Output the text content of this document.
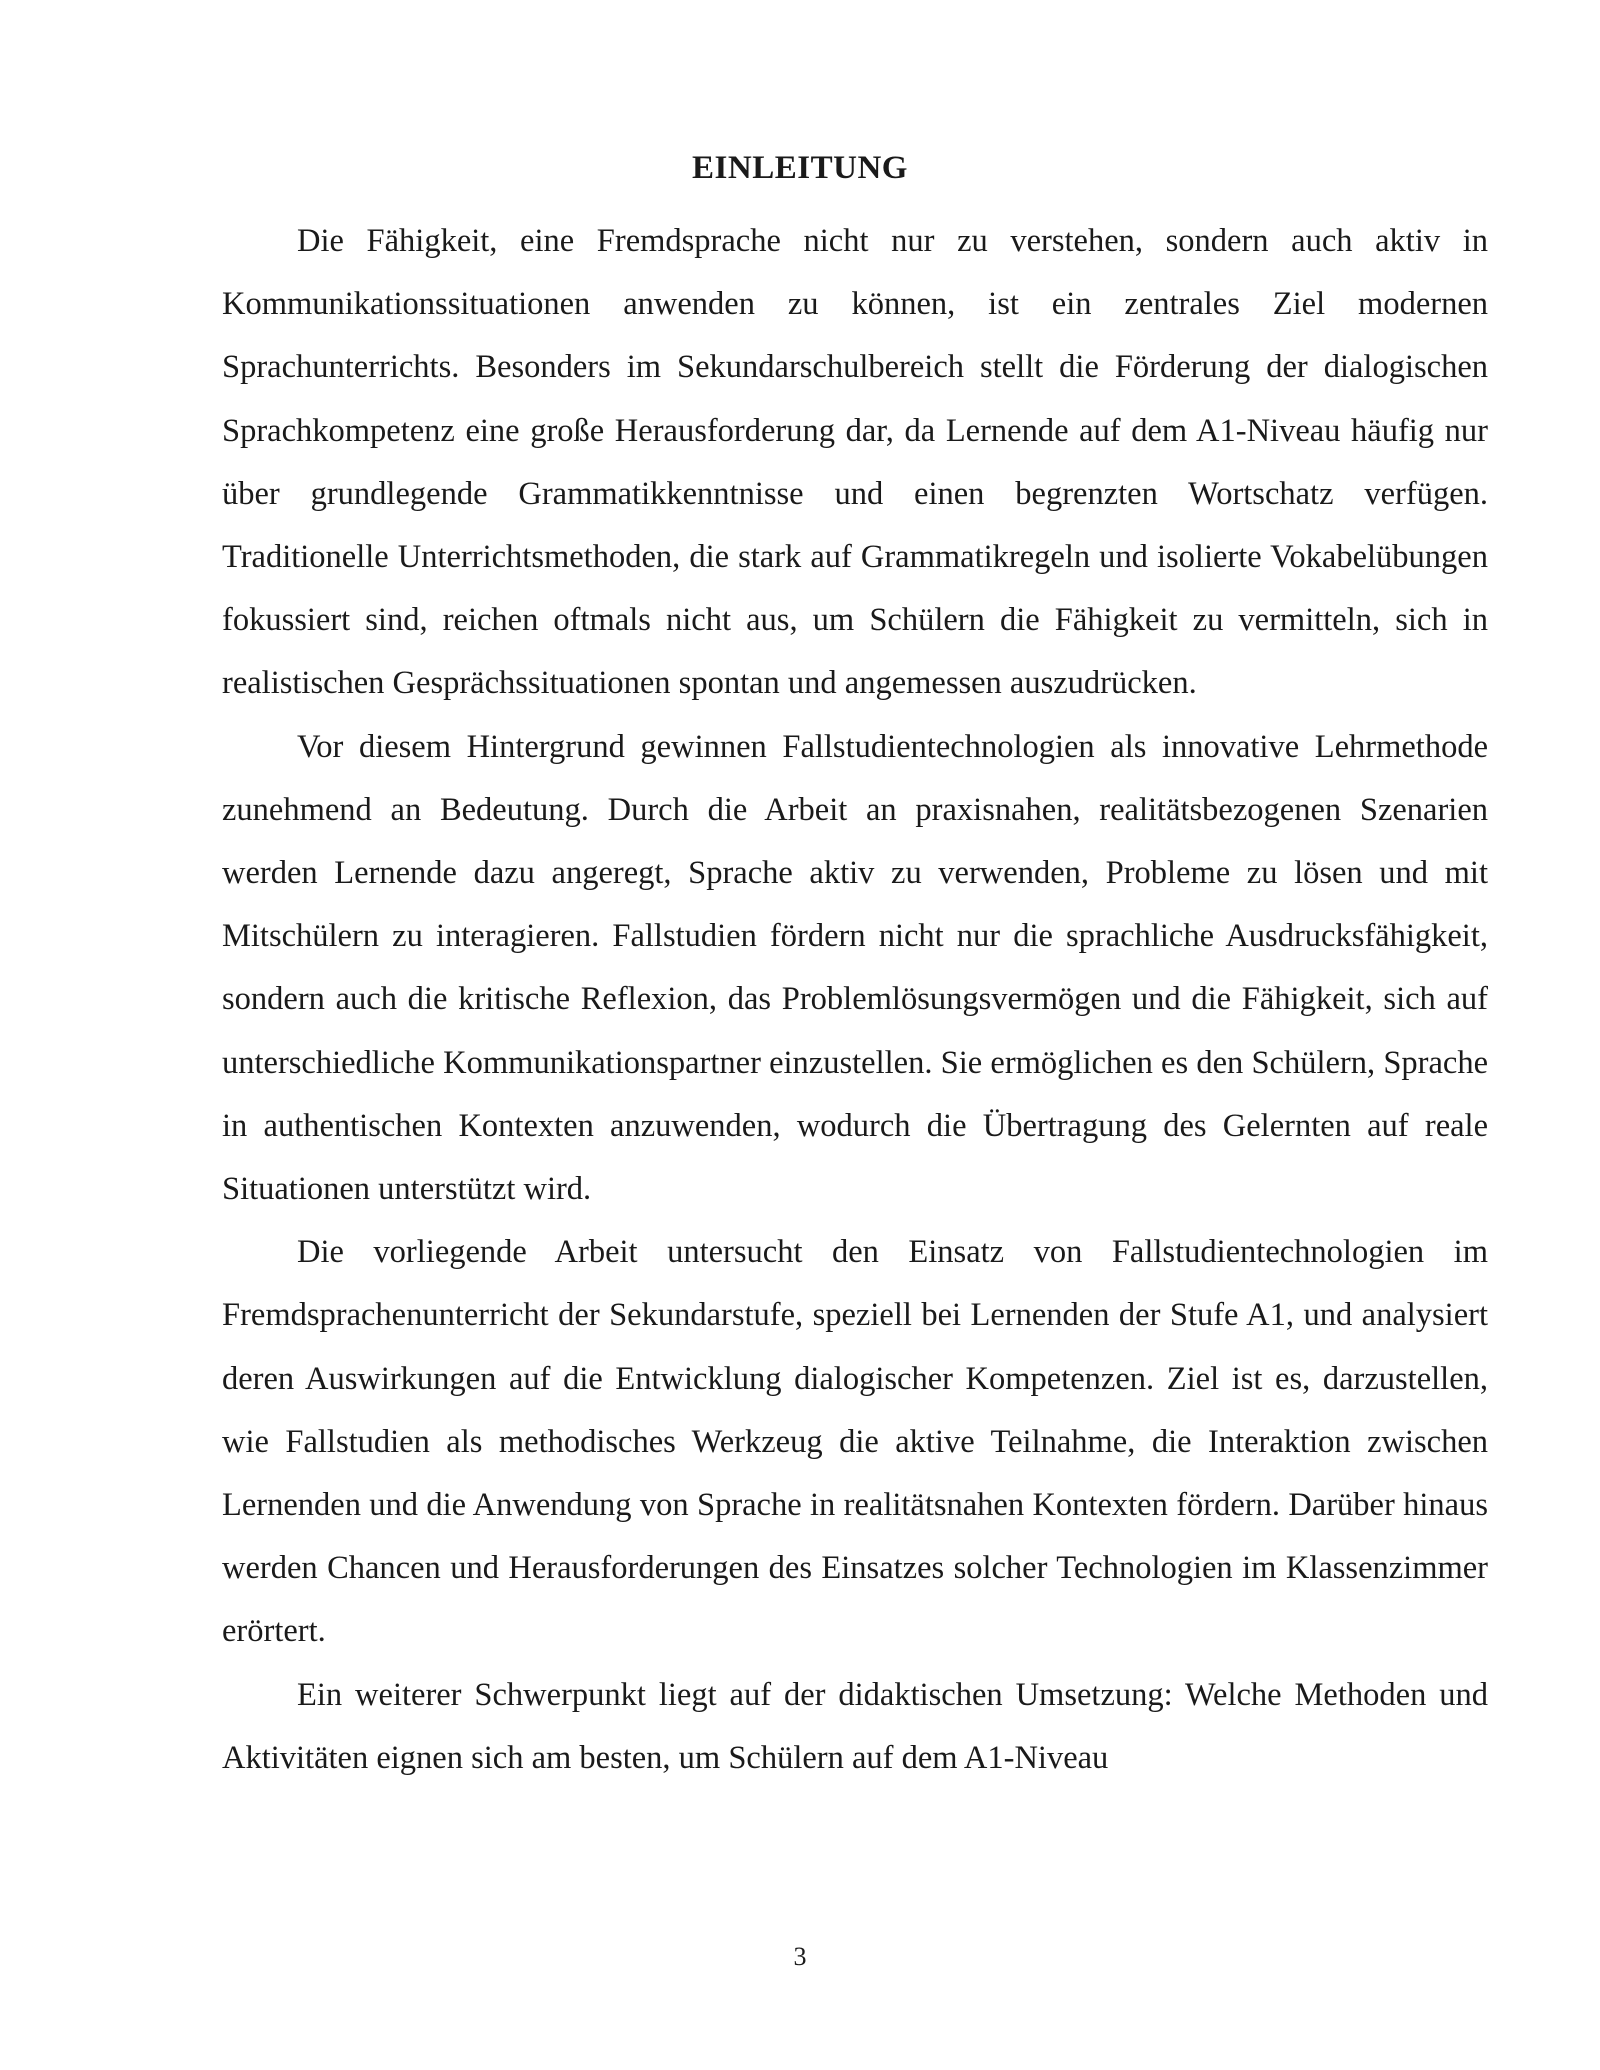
EINLEITUNG

Die Fähigkeit, eine Fremdsprache nicht nur zu verstehen, sondern auch aktiv in Kommunikationssituationen anwenden zu können, ist ein zentrales Ziel modernen Sprachunterrichts. Besonders im Sekundarschulbereich stellt die Förderung der dialogischen Sprachkompetenz eine große Herausforderung dar, da Lernende auf dem A1-Niveau häufig nur über grundlegende Grammatikkenntnisse und einen begrenzten Wortschatz verfügen. Traditionelle Unterrichtsmethoden, die stark auf Grammatikregeln und isolierte Vokabelübungen fokussiert sind, reichen oftmals nicht aus, um Schülern die Fähigkeit zu vermitteln, sich in realistischen Gesprächssituationen spontan und angemessen auszudrücken.

Vor diesem Hintergrund gewinnen Fallstudientechnologien als innovative Lehrmethode zunehmend an Bedeutung. Durch die Arbeit an praxisnahen, realitätsbezogenen Szenarien werden Lernende dazu angeregt, Sprache aktiv zu verwenden, Probleme zu lösen und mit Mitschülern zu interagieren. Fallstudien fördern nicht nur die sprachliche Ausdrucksfähigkeit, sondern auch die kritische Reflexion, das Problemlösungsvermögen und die Fähigkeit, sich auf unterschiedliche Kommunikationspartner einzustellen. Sie ermöglichen es den Schülern, Sprache in authentischen Kontexten anzuwenden, wodurch die Übertragung des Gelernten auf reale Situationen unterstützt wird.

Die vorliegende Arbeit untersucht den Einsatz von Fallstudientechnologien im Fremdsprachenunterricht der Sekundarstufe, speziell bei Lernenden der Stufe A1, und analysiert deren Auswirkungen auf die Entwicklung dialogischer Kompetenzen. Ziel ist es, darzustellen, wie Fallstudien als methodisches Werkzeug die aktive Teilnahme, die Interaktion zwischen Lernenden und die Anwendung von Sprache in realitätsnahen Kontexten fördern. Darüber hinaus werden Chancen und Herausforderungen des Einsatzes solcher Technologien im Klassenzimmer erörtert.

Ein weiterer Schwerpunkt liegt auf der didaktischen Umsetzung: Welche Methoden und Aktivitäten eignen sich am besten, um Schülern auf dem A1-Niveau

3
